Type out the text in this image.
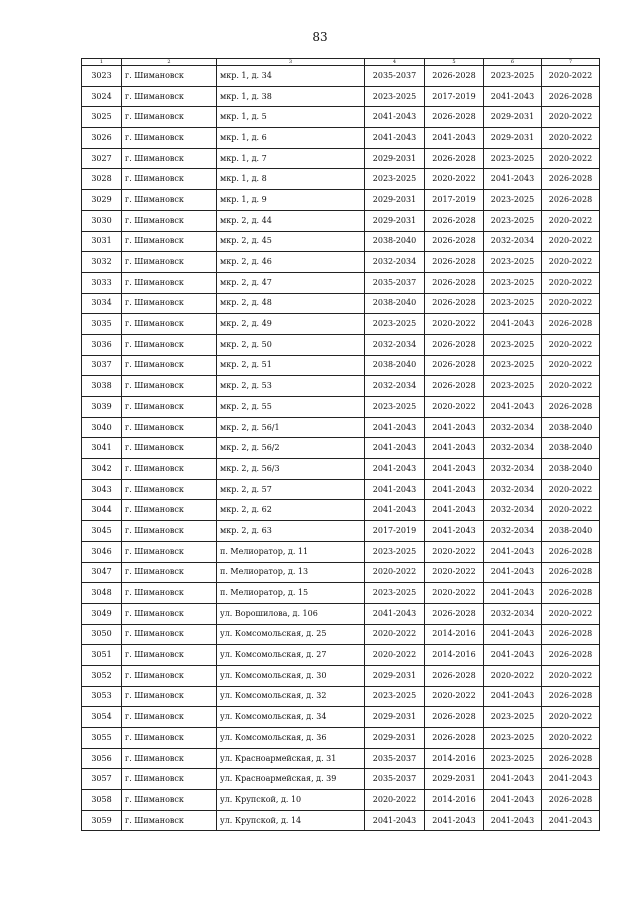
83
1	2	3	4	5	6	7
3023	г. Шимановск	мкр. 1, д. 34	2035-2037	2026-2028	2023-2025	2020-2022
3024	г. Шимановск	мкр. 1, д. 38	2023-2025	2017-2019	2041-2043	2026-2028
3025	г. Шимановск	мкр. 1, д. 5	2041-2043	2026-2028	2029-2031	2020-2022
3026	г. Шимановск	мкр. 1, д. 6	2041-2043	2041-2043	2029-2031	2020-2022
3027	г. Шимановск	мкр. 1, д. 7	2029-2031	2026-2028	2023-2025	2020-2022
3028	г. Шимановск	мкр. 1, д. 8	2023-2025	2020-2022	2041-2043	2026-2028
3029	г. Шимановск	мкр. 1, д. 9	2029-2031	2017-2019	2023-2025	2026-2028
3030	г. Шимановск	мкр. 2, д. 44	2029-2031	2026-2028	2023-2025	2020-2022
3031	г. Шимановск	мкр. 2, д. 45	2038-2040	2026-2028	2032-2034	2020-2022
3032	г. Шимановск	мкр. 2, д. 46	2032-2034	2026-2028	2023-2025	2020-2022
3033	г. Шимановск	мкр. 2, д. 47	2035-2037	2026-2028	2023-2025	2020-2022
3034	г. Шимановск	мкр. 2, д. 48	2038-2040	2026-2028	2023-2025	2020-2022
3035	г. Шимановск	мкр. 2, д. 49	2023-2025	2020-2022	2041-2043	2026-2028
3036	г. Шимановск	мкр. 2, д. 50	2032-2034	2026-2028	2023-2025	2020-2022
3037	г. Шимановск	мкр. 2, д. 51	2038-2040	2026-2028	2023-2025	2020-2022
3038	г. Шимановск	мкр. 2, д. 53	2032-2034	2026-2028	2023-2025	2020-2022
3039	г. Шимановск	мкр. 2, д. 55	2023-2025	2020-2022	2041-2043	2026-2028
3040	г. Шимановск	мкр. 2, д. 56/1	2041-2043	2041-2043	2032-2034	2038-2040
3041	г. Шимановск	мкр. 2, д. 56/2	2041-2043	2041-2043	2032-2034	2038-2040
3042	г. Шимановск	мкр. 2, д. 56/3	2041-2043	2041-2043	2032-2034	2038-2040
3043	г. Шимановск	мкр. 2, д. 57	2041-2043	2041-2043	2032-2034	2020-2022
3044	г. Шимановск	мкр. 2, д. 62	2041-2043	2041-2043	2032-2034	2020-2022
3045	г. Шимановск	мкр. 2, д. 63	2017-2019	2041-2043	2032-2034	2038-2040
3046	г. Шимановск	п. Мелиоратор, д. 11	2023-2025	2020-2022	2041-2043	2026-2028
3047	г. Шимановск	п. Мелиоратор, д. 13	2020-2022	2020-2022	2041-2043	2026-2028
3048	г. Шимановск	п. Мелиоратор, д. 15	2023-2025	2020-2022	2041-2043	2026-2028
3049	г. Шимановск	ул. Ворошилова, д. 106	2041-2043	2026-2028	2032-2034	2020-2022
3050	г. Шимановск	ул. Комсомольская, д. 25	2020-2022	2014-2016	2041-2043	2026-2028
3051	г. Шимановск	ул. Комсомольская, д. 27	2020-2022	2014-2016	2041-2043	2026-2028
3052	г. Шимановск	ул. Комсомольская, д. 30	2029-2031	2026-2028	2020-2022	2020-2022
3053	г. Шимановск	ул. Комсомольская, д. 32	2023-2025	2020-2022	2041-2043	2026-2028
3054	г. Шимановск	ул. Комсомольская, д. 34	2029-2031	2026-2028	2023-2025	2020-2022
3055	г. Шимановск	ул. Комсомольская, д. 36	2029-2031	2026-2028	2023-2025	2020-2022
3056	г. Шимановск	ул. Красноармейская, д. 31	2035-2037	2014-2016	2023-2025	2026-2028
3057	г. Шимановск	ул. Красноармейская, д. 39	2035-2037	2029-2031	2041-2043	2041-2043
3058	г. Шимановск	ул. Крупской, д. 10	2020-2022	2014-2016	2041-2043	2026-2028
3059	г. Шимановск	ул. Крупской, д. 14	2041-2043	2041-2043	2041-2043	2041-2043
